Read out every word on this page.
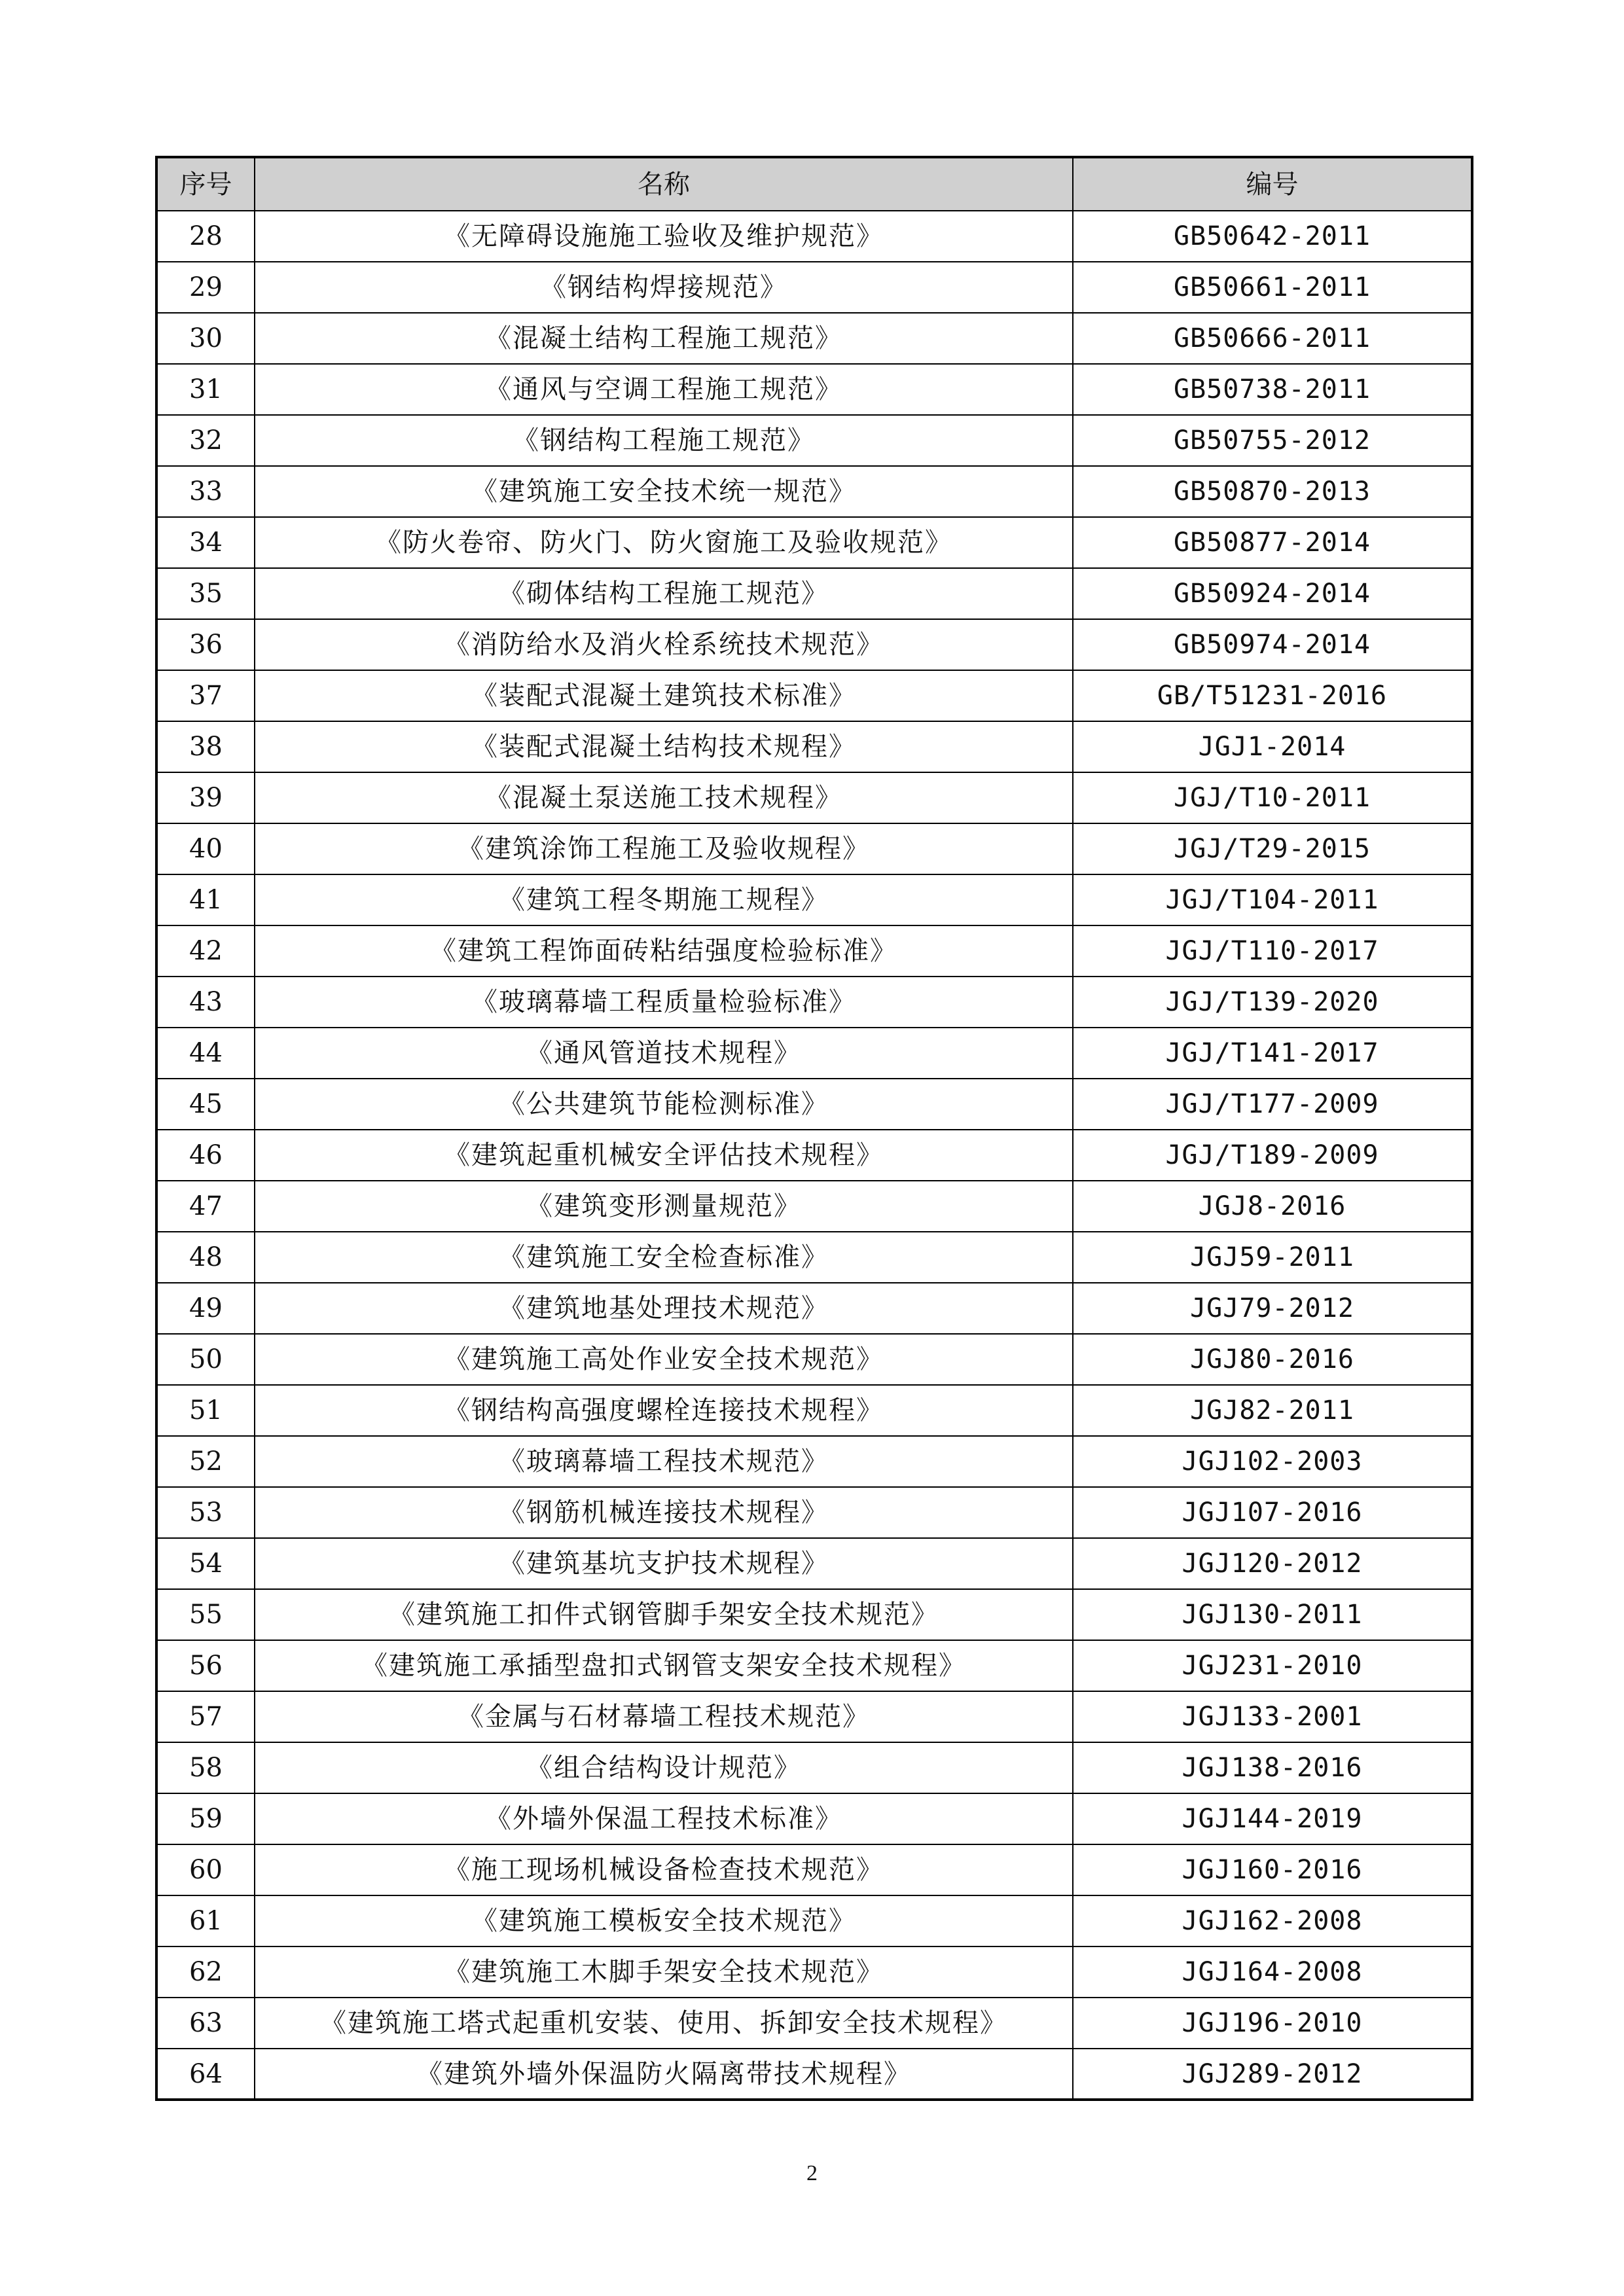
序号	名称	编号
28	《无障碍设施施工验收及维护规范》	GB50642-2011
29	《钢结构焊接规范》	GB50661-2011
30	《混凝土结构工程施工规范》	GB50666-2011
31	《通风与空调工程施工规范》	GB50738-2011
32	《钢结构工程施工规范》	GB50755-2012
33	《建筑施工安全技术统一规范》	GB50870-2013
34	《防火卷帘、防火门、防火窗施工及验收规范》	GB50877-2014
35	《砌体结构工程施工规范》	GB50924-2014
36	《消防给水及消火栓系统技术规范》	GB50974-2014
37	《装配式混凝土建筑技术标准》	GB/T51231-2016
38	《装配式混凝土结构技术规程》	JGJ1-2014
39	《混凝土泵送施工技术规程》	JGJ/T10-2011
40	《建筑涂饰工程施工及验收规程》	JGJ/T29-2015
41	《建筑工程冬期施工规程》	JGJ/T104-2011
42	《建筑工程饰面砖粘结强度检验标准》	JGJ/T110-2017
43	《玻璃幕墙工程质量检验标准》	JGJ/T139-2020
44	《通风管道技术规程》	JGJ/T141-2017
45	《公共建筑节能检测标准》	JGJ/T177-2009
46	《建筑起重机械安全评估技术规程》	JGJ/T189-2009
47	《建筑变形测量规范》	JGJ8-2016
48	《建筑施工安全检查标准》	JGJ59-2011
49	《建筑地基处理技术规范》	JGJ79-2012
50	《建筑施工高处作业安全技术规范》	JGJ80-2016
51	《钢结构高强度螺栓连接技术规程》	JGJ82-2011
52	《玻璃幕墙工程技术规范》	JGJ102-2003
53	《钢筋机械连接技术规程》	JGJ107-2016
54	《建筑基坑支护技术规程》	JGJ120-2012
55	《建筑施工扣件式钢管脚手架安全技术规范》	JGJ130-2011
56	《建筑施工承插型盘扣式钢管支架安全技术规程》	JGJ231-2010
57	《金属与石材幕墙工程技术规范》	JGJ133-2001
58	《组合结构设计规范》	JGJ138-2016
59	《外墙外保温工程技术标准》	JGJ144-2019
60	《施工现场机械设备检查技术规范》	JGJ160-2016
61	《建筑施工模板安全技术规范》	JGJ162-2008
62	《建筑施工木脚手架安全技术规范》	JGJ164-2008
63	《建筑施工塔式起重机安装、使用、拆卸安全技术规程》	JGJ196-2010
64	《建筑外墙外保温防火隔离带技术规程》	JGJ289-2012
2
